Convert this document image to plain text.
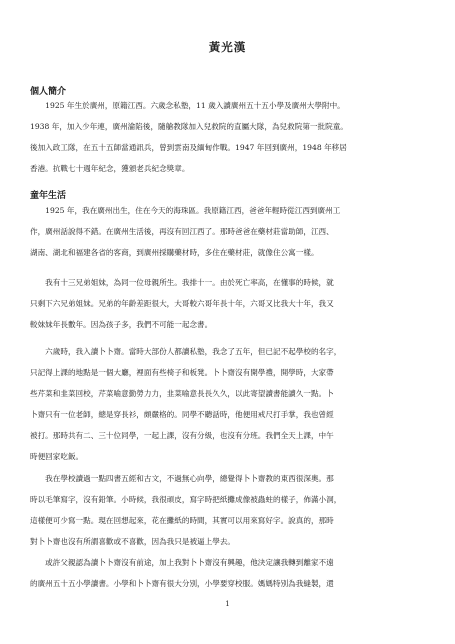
黃光漢
個人簡介
　　1925 年生於廣州，原籍江西。六歲念私塾，11 歲入讀廣州五十五小學及廣州大學附中。
1938 年，加入少年連，廣州淪陷後，隨艙教隊加入兒救院的直屬大隊，為兒救院第一批院童。
後加入政工隊，在五十五師當通訊兵，曾到雲南及緬甸作戰。1947 年回到廣州，1948 年移居
香港。抗戰七十週年紀念，獲頒老兵紀念獎章。
童年生活
　　1925 年，我在廣州出生，住在今天的海珠區。我原籍江西，爸爸年輕時從江西到廣州工
作，廣州話說得不錯。在廣州生活後，再沒有回江西了。那時爸爸在藥材莊當助師，江西、
湖南、湖北和福建各省的客商，到廣州採購藥材時，多住在藥材莊，就像住公寓一樣。
　　我有十三兄弟姐妹，為同一位母親所生。我排十一。由於死亡率高，在懂事的時候，就
只剩下六兄弟姐妹。兄弟的年齡差距很大，大哥較六哥年長十年，六哥又比我大十年，我又
較妹妹年長數年。因為孩子多，我們不可能一起念書。
　　六歲時，我入讀卜卜齋。當時大部份人都讀私塾，我念了五年，但已記不起學校的名字，
只記得上課的地點是一個大廳，裡面有些椅子和板凳。卜卜齋沒有開學禮，開學時，大家帶
些芹菜和韭菜回校，芹菜喻意勤勞力力，韭菜喻意長長久久，以此寄望讀書能讀久一點。卜
卜齋只有一位老師，總是穿長衫，頗嚴格的。同學不聽話時，他便用戒尺打手掌，我也曾經
被打。那時共有二、三十位同學，一起上課，沒有分級，也沒有分班。我們全天上課，中午
時便回家吃飯。
　　我在學校讀過一點四書五經和古文，不過無心向學，總覺得卜卜齋教的東西很深奧。那
時以毛筆寫字，沒有鉛筆。小時候，我很頑皮，寫字時把紙攤成像被蟲蛀的樣子，佈滿小洞，
這樣便可少寫一點。現在回想起來，花在攤紙的時間，其實可以用來寫好字。說真的，那時
對卜卜齋也沒有所謂喜歡或不喜歡，因為我只是被逼上學去。
　　或許父親認為讀卜卜齋沒有前途，加上我對卜卜齋沒有興趣，他決定讓我轉到離家不遠
的廣州五十五小學讀書。小學和卜卜齋有很大分別，小學要穿校服。媽媽特別為我縫製，還
1
